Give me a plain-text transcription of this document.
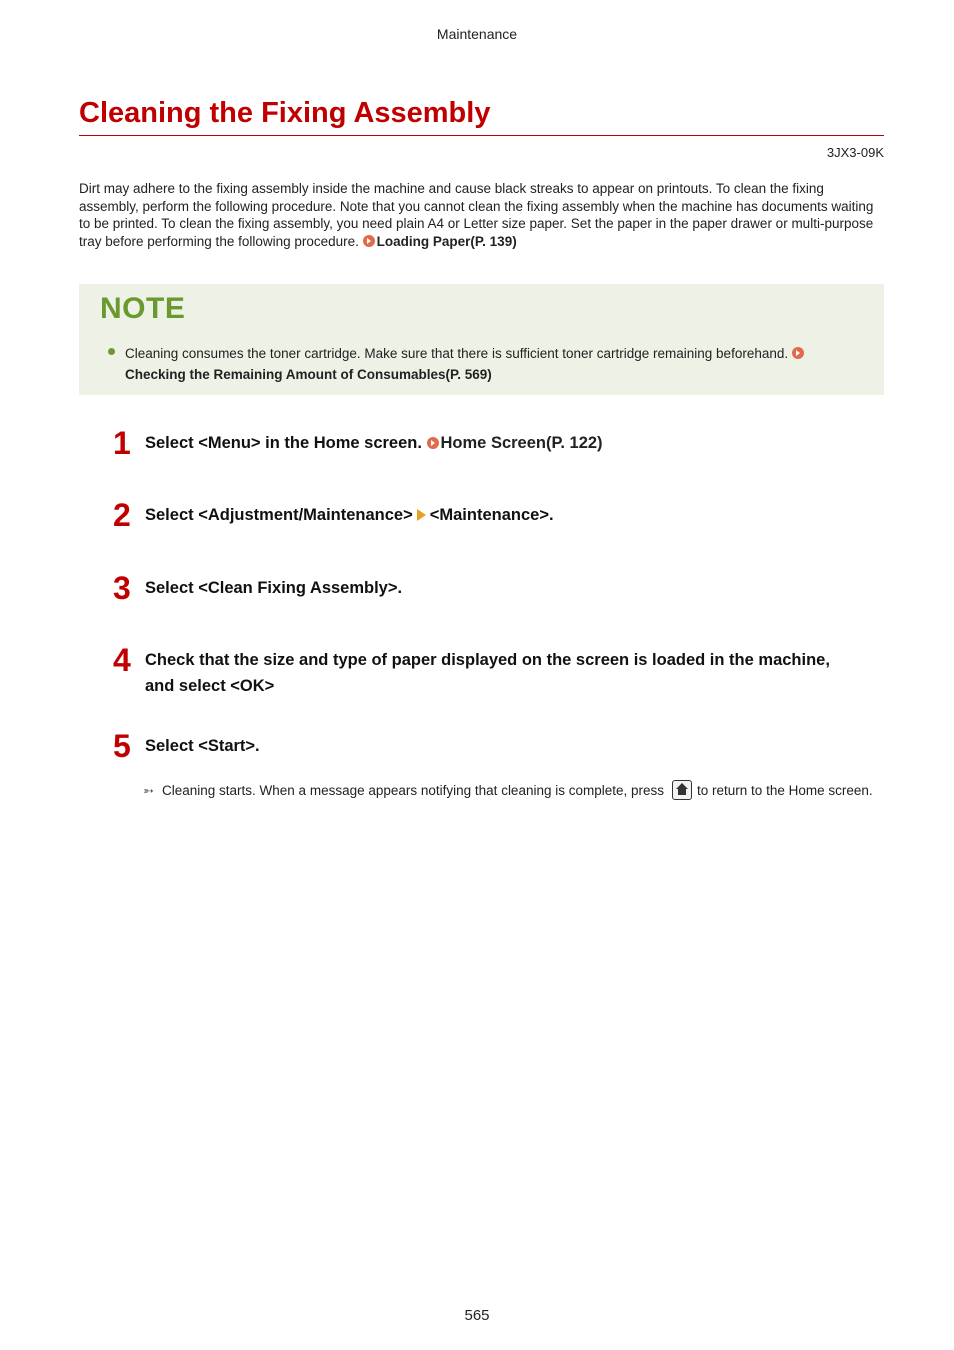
Maintenance
Cleaning the Fixing Assembly
3JX3-09K

Dirt may adhere to the fixing assembly inside the machine and cause black streaks to appear on printouts. To clean the fixing assembly, perform the following procedure. Note that you cannot clean the fixing assembly when the machine has documents waiting to be printed. To clean the fixing assembly, you need plain A4 or Letter size paper. Set the paper in the paper drawer or multi-purpose tray before performing the following procedure. Loading Paper(P. 139)

NOTE

Cleaning consumes the toner cartridge. Make sure that there is sufficient toner cartridge remaining beforehand. Checking the Remaining Amount of Consumables(P. 569)

1 Select <Menu> in the Home screen. Home Screen(P. 122)

2 Select <Adjustment/Maintenance> <Maintenance>.

3 Select <Clean Fixing Assembly>.

4 Check that the size and type of paper displayed on the screen is loaded in the machine, and select <OK>

5 Select <Start>.

➳ Cleaning starts. When a message appears notifying that cleaning is complete, press to return to the Home screen.

565
